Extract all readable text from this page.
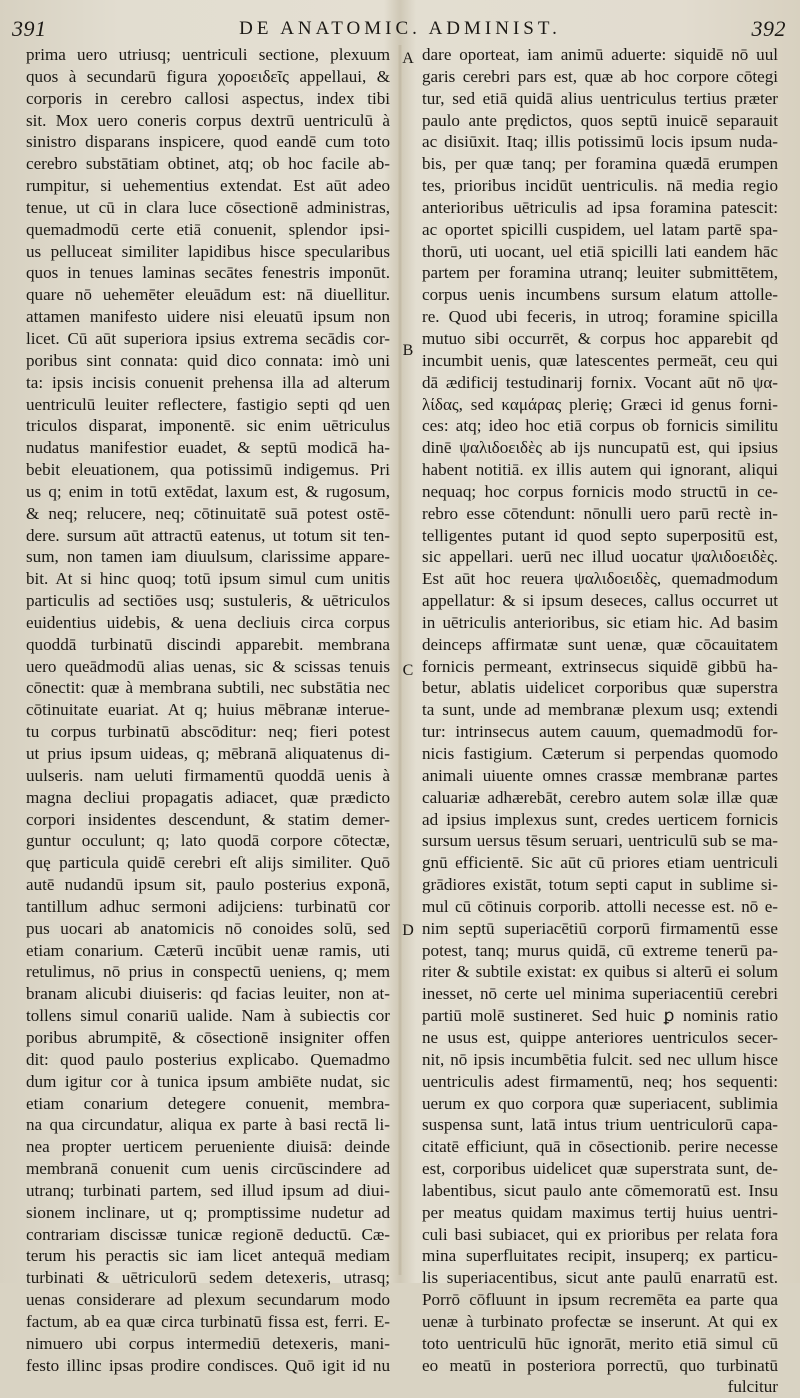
391	DE ANATOMIC. ADMINIST.	392
prima uero utriusq; uentriculi sectione, plexuum
quos à secundarū figura χοροειδεῖς appellaui, &
corporis in cerebro callosi aspectus, index tibi
sit. Mox uero coneris corpus dextrū uentriculū à
sinistro disparans inspicere, quod eandē cum toto
cerebro substātiam obtinet, atq; ob hoc facile ab-
rumpitur, si uehementius extendat. Est aūt adeo
tenue, ut cū in clara luce cōsectionē administras,
quemadmodū certe etiā conuenit, splendor ipsi-
us pelluceat similiter lapidibus hisce specularibus
quos in tenues laminas secātes fenestris imponūt.
quare nō uehemēter eleuādum est: nā diuellitur.
attamen manifesto uidere nisi eleuatū ipsum non
licet. Cū aūt superiora ipsius extrema secādis cor-
poribus sint connata: quid dico connata: imò uni
ta: ipsis incisis conuenit prehensa illa ad alterum
uentriculū leuiter reflectere, fastigio septi qd uen
triculos disparat, imponentē. sic enim uētriculus
nudatus manifestior euadet, & septū modicā ha-
bebit eleuationem, qua potissimū indigemus. Pri
us q; enim in totū extēdat, laxum est, & rugosum,
& neq; relucere, neq; cōtinuitatē suā potest ostē-
dere. sursum aūt attractū eatenus, ut totum sit ten-
sum, non tamen iam diuulsum, clarissime appare-
bit. At si hinc quoq; totū ipsum simul cum unitis
particulis ad sectiōes usq; sustuleris, & uētriculos
euidentius uidebis, & uena decliuis circa corpus
quoddā turbinatū discindi apparebit. membrana
uero queādmodū alias uenas, sic & scissas tenuis
cōnectit: quæ à membrana subtili, nec substātia nec
cōtinuitate euariat. At q; huius mēbranæ interue-
tu corpus turbinatū abscōditur: neq; fieri potest
ut prius ipsum uideas, q; mēbranā aliquatenus di-
uulseris. nam ueluti firmamentū quoddā uenis à
magna decliui propagatis adiacet, quæ prædicto
corpori insidentes descendunt, & statim demer-
guntur occulunt; q; lato quodā corpore cōtectæ,
quę particula quidē cerebri eſt alijs similiter. Quō
autē nudandū ipsum sit, paulo posterius exponā,
tantillum adhuc sermoni adijciens: turbinatū cor
pus uocari ab anatomicis nō conoides solū, sed
etiam conarium. Cæterū incūbit uenæ ramis, uti
retulimus, nō prius in conspectū ueniens, q; mem
branam alicubi diuiseris: qd facias leuiter, non at-
tollens simul conariū ualide. Nam à subiectis cor
poribus abrumpitē, & cōsectionē insigniter offen
dit: quod paulo posterius explicabo. Quemadmo
dum igitur cor à tunica ipsum ambiēte nudat, sic
etiam conarium detegere conuenit, membra-
na qua circundatur, aliqua ex parte à basi rectā li-
nea propter uerticem perueniente diuisā: deinde
membranā conuenit cum uenis circūscindere ad
utranq; turbinati partem, sed illud ipsum ad diui-
sionem inclinare, ut q; promptissime nudetur ad
contrariam discissæ tunicæ regionē deductū. Cæ-
terum his peractis sic iam licet antequā mediam
turbinati & uētriculorū sedem detexeris, utrasq;
uenas considerare ad plexum secundarum modo
factum, ab ea quæ circa turbinatū fissa est, ferri. E-
nimuero ubi corpus intermediū detexeris, mani-
festo illinc ipsas prodire condisces. Quō igit id nu
dare oporteat, iam animū aduerte: siquidē nō uul
garis cerebri pars est, quæ ab hoc corpore cōtegi
tur, sed etiā quidā alius uentriculus tertius præter
paulo ante prędictos, quos septū inuicē separauit
ac disiūxit. Itaq; illis potissimū locis ipsum nuda-
bis, per quæ tanq; per foramina quædā erumpen
tes, prioribus incidūt uentriculis. nā media regio
anterioribus uētriculis ad ipsa foramina patescit:
ac oportet spicilli cuspidem, uel latam partē spa-
thorū, uti uocant, uel etiā spicilli lati eandem hāc
partem per foramina utranq; leuiter submittētem,
corpus uenis incumbens sursum elatum attolle-
re. Quod ubi feceris, in utroq; foramine spicilla
mutuo sibi occurrēt, & corpus hoc apparebit qd
incumbit uenis, quæ latescentes permeāt, ceu qui
dā ædificij testudinarij fornix. Vocant aūt nō ψα-
λίδας, sed καμάρας plerię; Græci id genus forni-
ces: atq; ideo hoc etiā corpus ob fornicis similitu
dinē ψαλιδοειδὲς ab ijs nuncupatū est, qui ipsius
habent notitiā. ex illis autem qui ignorant, aliqui
nequaq; hoc corpus fornicis modo structū in ce-
rebro esse cōtendunt: nōnulli uero parū rectè in-
telligentes putant id quod septo superpositū est,
sic appellari. uerū nec illud uocatur ψαλιδοειδὲς.
Est aūt hoc reuera ψαλιδοειδὲς, quemadmodum
appellatur: & si ipsum deseces, callus occurret ut
in uētriculis anterioribus, sic etiam hic. Ad basim
deinceps affirmatæ sunt uenæ, quæ cōcauitatem
fornicis permeant, extrinsecus siquidē gibbū ha-
betur, ablatis uidelicet corporibus quæ superstra
ta sunt, unde ad membranæ plexum usq; extendi
tur: intrinsecus autem cauum, quemadmodū for-
nicis fastigium. Cæterum si perpendas quomodo
animali uiuente omnes crassæ membranæ partes
caluariæ adhærebāt, cerebro autem solæ illæ quæ
ad ipsius implexus sunt, credes uerticem fornicis
sursum uersus tēsum seruari, uentriculū sub se ma-
gnū efficientē. Sic aūt cū priores etiam uentriculi
grādiores existāt, totum septi caput in sublime si-
mul cū cōtinuis corporib. attolli necesse est. nō e-
nim septū superiacētiū corporū firmamentū esse
potest, tanq; murus quidā, cū extreme tenerū pa-
riter & subtile existat: ex quibus si alterū ei solum
inesset, nō certe uel minima superiacentiū cerebri
partiū molē sustineret. Sed huic ꝑ nominis ratio
ne usus est, quippe anteriores uentriculos secer-
nit, nō ipsis incumbētia fulcit. sed nec ullum hisce
uentriculis adest firmamentū, neq; hos sequenti:
uerum ex quo corpora quæ superiacent, sublimia
suspensa sunt, latā intus trium uentriculorū capa-
citatē efficiunt, quā in cōsectionib. perire necesse
est, corporibus uidelicet quæ superstrata sunt, de-
labentibus, sicut paulo ante cōmemoratū est. Insu
per meatus quidam maximus tertij huius uentri-
culi basi subiacet, qui ex prioribus per relata fora
mina superfluitates recipit, insuperq; ex particu-
lis superiacentibus, sicut ante paulū enarratū est.
Porrō cōfluunt in ipsum recremēta ea parte qua
uenæ à turbinato profectæ se inserunt. At qui ex
toto uentriculū hūc ignorāt, merito etiā simul cū
eo meatū in posteriora porrectū, quo turbinatū
fulcitur
A
B
C
D
